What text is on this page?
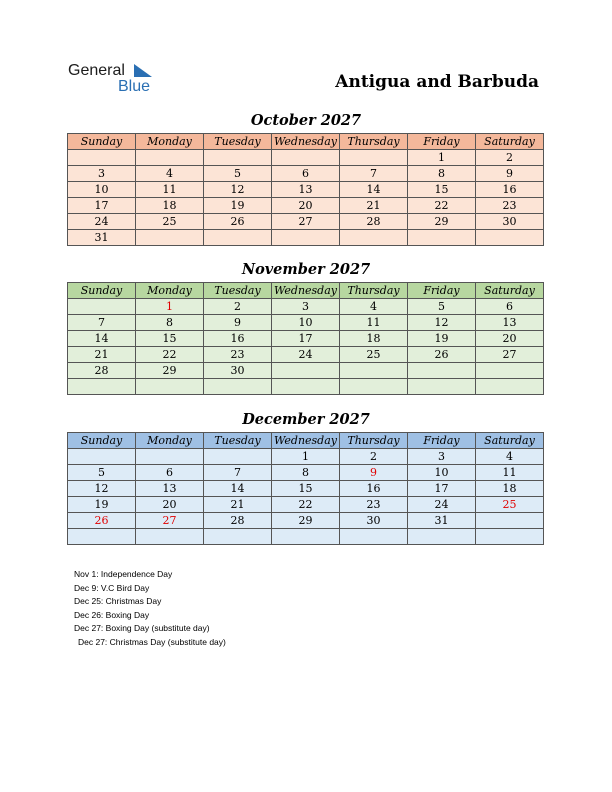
General
Blue	Antigua and Barbuda
October 2027
Sunday	Monday	Tuesday	Wednesday	Thursday	Friday	Saturday
					1	2
3	4	5	6	7	8	9
10	11	12	13	14	15	16
17	18	19	20	21	22	23
24	25	26	27	28	29	30
31						
November 2027
Sunday	Monday	Tuesday	Wednesday	Thursday	Friday	Saturday
	1	2	3	4	5	6
7	8	9	10	11	12	13
14	15	16	17	18	19	20
21	22	23	24	25	26	27
28	29	30				

December 2027
Sunday	Monday	Tuesday	Wednesday	Thursday	Friday	Saturday
			1	2	3	4
5	6	7	8	9	10	11
12	13	14	15	16	17	18
19	20	21	22	23	24	25
26	27	28	29	30	31	

Nov 1: Independence Day
Dec 9: V.C Bird Day
Dec 25: Christmas Day
Dec 26: Boxing Day
Dec 27: Boxing Day (substitute day)
Dec 27: Christmas Day (substitute day)
